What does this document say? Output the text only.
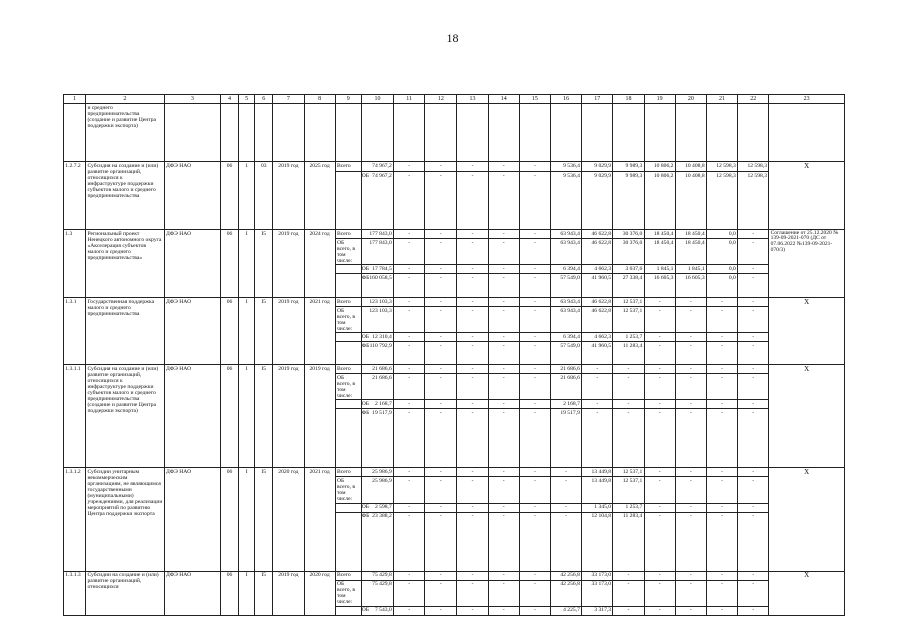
18
1	2	3	4	5	6	7	8	9	10	11	12	13	14	15	16	17	18	19	20	21	22	23
	и среднего предпринимательства (создание и развитие Центра поддержки экспорта)																					
1.2.7.2	Субсидия на создание и (или) развитие организаций, относящихся к инфраструктуре поддержки субъектов малого и среднего предпринимательства	ДФЭ НАО	06	1	03	2019 год	2025 год	Всего	74 967,2	-	-	-	-	-	9 536,4	9 029,9	9 989,3	10 806,2	10 408,8	12 598,3	12 598,3	X
								ОБ	74 967,2	-	-	-	-	-	9 536,4	9 029,9	9 989,3	10 806,2	10 408,8	12 598,3	12 598,3	
1.3	Региональный проект Ненецкого автономного округа «Акселерация субъектов малого и среднего предпринимательства»	ДФЭ НАО	06	I	I5	2019 год	2024 год	Всего	177 843,0	-	-	-	-	-	63 943,4	46 622,8	30 376,0	18 450,4	18 450,4	0,0	-	Соглашение от 25.12.2020 № 139-09-2021-070 (ДС от 07.06.2022 №139-09-2021-070/3)
								ОБ всего, в том числе:	177 843,0	-	-	-	-	-	63 943,4	46 622,8	30 376,0	18 450,4	18 450,4	0,0	-	
								ОБ	17 784,5	-	-	-	-	-	6 394,4	4 662,3	3 037,6	1 845,1	1 845,1	0,0	-	
								ФБ	160 058,5	-	-	-	-	-	57 549,0	41 960,5	27 338,4	16 605,3	16 605,3	0,0	-	
1.3.1	Государственная поддержка малого и среднего предпринимательства	ДФЭ НАО	06	I	I5	2019 год	2021 год	Всего	123 103,3	-	-	-	-	-	63 943,4	46 622,8	12 537,1	-	-	-	-	X
								ОБ всего, в том числе:	123 103,3	-	-	-	-	-	63 943,4	46 622,8	12 537,1	-	-	-	-	
								ОБ	12 310,4	-	-	-	-	-	6 394,4	4 662,3	1 253,7	-	-	-	-	
								ФБ	110 792,9	-	-	-	-	-	57 549,0	41 960,5	11 283,4	-	-	-	-	
1.3.1.1	Субсидия на создание и (или) развитие организаций, относящихся к инфраструктуре поддержки субъектов малого и среднего предпринимательства (создание и развитие Центра поддержки экспорта)	ДФЭ НАО	06	I	I5	2019 год	2019 год	Всего	21 686,6	-	-	-	-	-	21 686,6	-	-	-	-	-	-	X
								ОБ всего, в том числе:	21 686,6	-	-	-	-	-	21 686,6	-	-	-	-	-	-	
								ОБ	2 168,7	-	-	-	-	-	2 168,7	-	-	-	-	-	-	
								ФБ	19 517,9	-	-	-	-	-	19 517,9	-	-	-	-	-	-	
1.3.1.2	Субсидии унитарным некоммерческим организациям, не являющимся государственными (муниципальными) учреждениями, для реализации мероприятий по развитию Центра поддержки экспорта	ДФЭ НАО	06	I	I5	2020 год	2021 год	Всего	25 986,9	-	-	-	-	-	-	13 449,8	12 537,1	-	-	-	-	X
								ОБ всего, в том числе:	25 986,9	-	-	-	-	-	-	13 449,8	12 537,1	-	-	-	-	
								ОБ	2 598,7	-	-	-	-	-	-	1 345,0	1 253,7	-	-	-	-	
								ФБ	23 388,2	-	-	-	-	-	-	12 104,8	11 283,4	-	-	-	-	
1.3.1.3	Субсидии на создание и (или) развитие организаций, относящихся	ДФЭ НАО	06	I	I5	2019 год	2020 год	Всего	75 429,8	-	-	-	-	-	42 256,8	33 173,0	-	-	-	-	-	X
								ОБ всего, в том числе:	75 429,8	-	-	-	-	-	42 256,8	33 173,0	-	-	-	-	-	
								ОБ	7 543,0	-	-	-	-	-	4 225,7	3 317,3	-	-	-	-	-	
